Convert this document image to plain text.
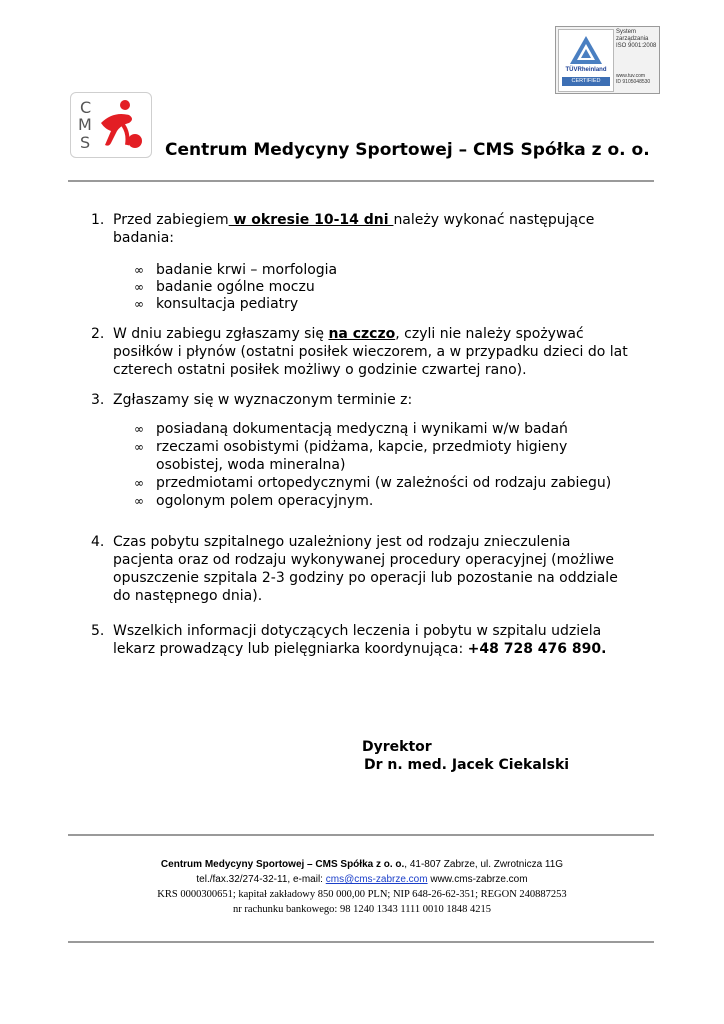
TÜVRheinland
CERTIFIED
System
zarządzania
ISO 9001:2008
www.tuv.com
ID 9105048530
C
M
S	Centrum Medycyny Sportowej – CMS Spółka z o. o.
1. Przed zabiegiem w okresie 10-14 dni należy wykonać następujące
badania:
∞ badanie krwi – morfologia
∞ badanie ogólne moczu
∞ konsultacja pediatry
2. W dniu zabiegu zgłaszamy się na czczo, czyli nie należy spożywać
posiłków i płynów (ostatni posiłek wieczorem, a w przypadku dzieci do lat
czterech ostatni posiłek możliwy o godzinie czwartej rano).
3. Zgłaszamy się w wyznaczonym terminie z:
∞ posiadaną dokumentacją medyczną i wynikami w/w badań
∞ rzeczami osobistymi (pidżama, kapcie, przedmioty higieny
osobistej, woda mineralna)
∞ przedmiotami ortopedycznymi (w zależności od rodzaju zabiegu)
∞ ogolonym polem operacyjnym.
4. Czas pobytu szpitalnego uzależniony jest od rodzaju znieczulenia
pacjenta oraz od rodzaju wykonywanej procedury operacyjnej (możliwe
opuszczenie szpitala 2-3 godziny po operacji lub pozostanie na oddziale
do następnego dnia).
5. Wszelkich informacji dotyczących leczenia i pobytu w szpitalu udziela
lekarz prowadzący lub pielęgniarka koordynująca: +48 728 476 890.
Dyrektor
Dr n. med. Jacek Ciekalski
Centrum Medycyny Sportowej – CMS Spółka z o. o., 41-807 Zabrze, ul. Zwrotnicza 11G
tel./fax.32/274-32-11, e-mail: cms@cms-zabrze.com www.cms-zabrze.com
KRS 0000300651; kapitał zakładowy 850 000,00 PLN; NIP 648-26-62-351; REGON 240887253
nr rachunku bankowego: 98 1240 1343 1111 0010 1848 4215
